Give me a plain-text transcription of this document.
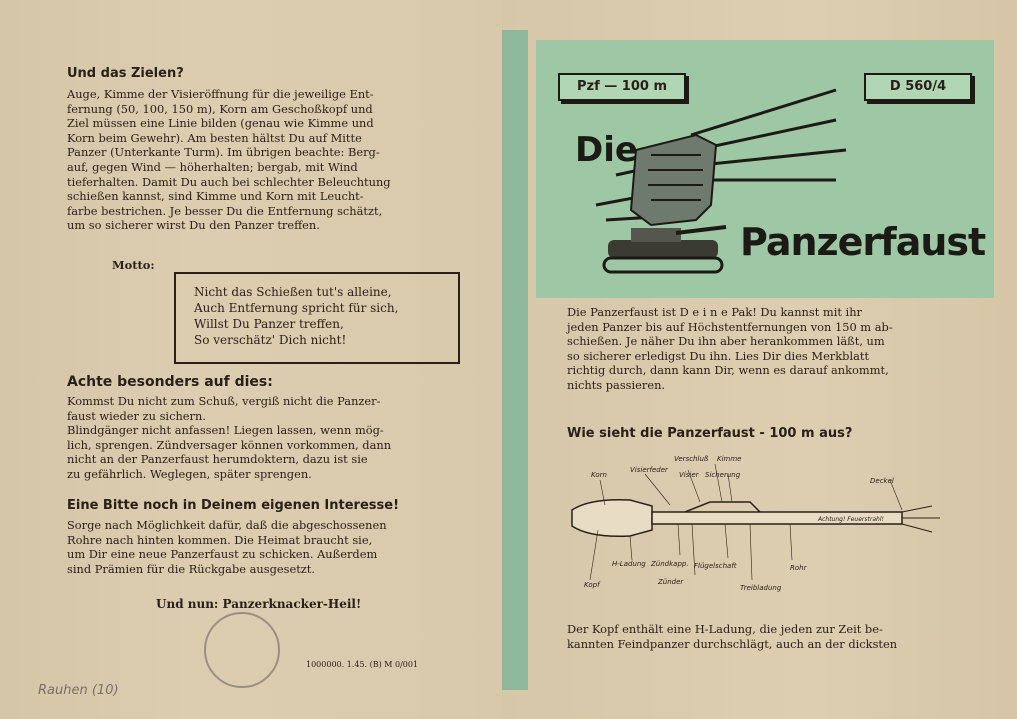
Und das Zielen?
Auge, Kimme der Visieröffnung für die jeweilige Ent-
fernung (50, 100, 150 m), Korn am Geschoßkopf und
Ziel müssen eine Linie bilden (genau wie Kimme und
Korn beim Gewehr). Am besten hältst Du auf Mitte
Panzer (Unterkante Turm). Im übrigen beachte: Berg-
auf, gegen Wind — höherhalten; bergab, mit Wind
tieferhalten. Damit Du auch bei schlechter Beleuchtung
schießen kannst, sind Kimme und Korn mit Leucht-
farbe bestrichen. Je besser Du die Entfernung schätzt,
um so sicherer wirst Du den Panzer treffen.
Motto:
Nicht das Schießen tut's alleine,
Auch Entfernung spricht für sich,
Willst Du Panzer treffen,
So verschätz' Dich nicht!
Achte besonders auf dies:
Kommst Du nicht zum Schuß, vergiß nicht die Panzer-
faust wieder zu sichern.
Blindgänger nicht anfassen! Liegen lassen, wenn mög-
lich, sprengen. Zündversager können vorkommen, dann
nicht an der Panzerfaust herumdoktern, dazu ist sie
zu gefährlich. Weglegen, später sprengen.
Eine Bitte noch in Deinem eigenen Interesse!
Sorge nach Möglichkeit dafür, daß die abgeschossenen
Rohre nach hinten kommen. Die Heimat braucht sie,
um Dir eine neue Panzerfaust zu schicken. Außerdem
sind Prämien für die Rückgabe ausgesetzt.
Und nun: Panzerknacker-Heil!
1000000. 1.45. (B) M 0/001
Rauhen (10)
Pzf — 100 m	D 560/4
Die
Panzerfaust
Die Panzerfaust ist D e i n e Pak! Du kannst mit ihr
jeden Panzer bis auf Höchstentfernungen von 150 m ab-
schießen. Je näher Du ihn aber herankommen läßt, um
so sicherer erledigst Du ihn. Lies Dir dies Merkblatt
richtig durch, dann kann Dir, wenn es darauf ankommt,
nichts passieren.
Wie sieht die Panzerfaust - 100 m aus?
Korn
Visierfeder
Verschluß Kimme
Visier Sicherung
Deckel
Achtung! Feuerstrahl!
Kopf
H-Ladung Zündkapp.
Zünder
Flügelschaft	Rohr
Treibladung
Der Kopf enthält eine H-Ladung, die jeden zur Zeit be-
kannten Feindpanzer durchschlägt, auch an der dicksten
